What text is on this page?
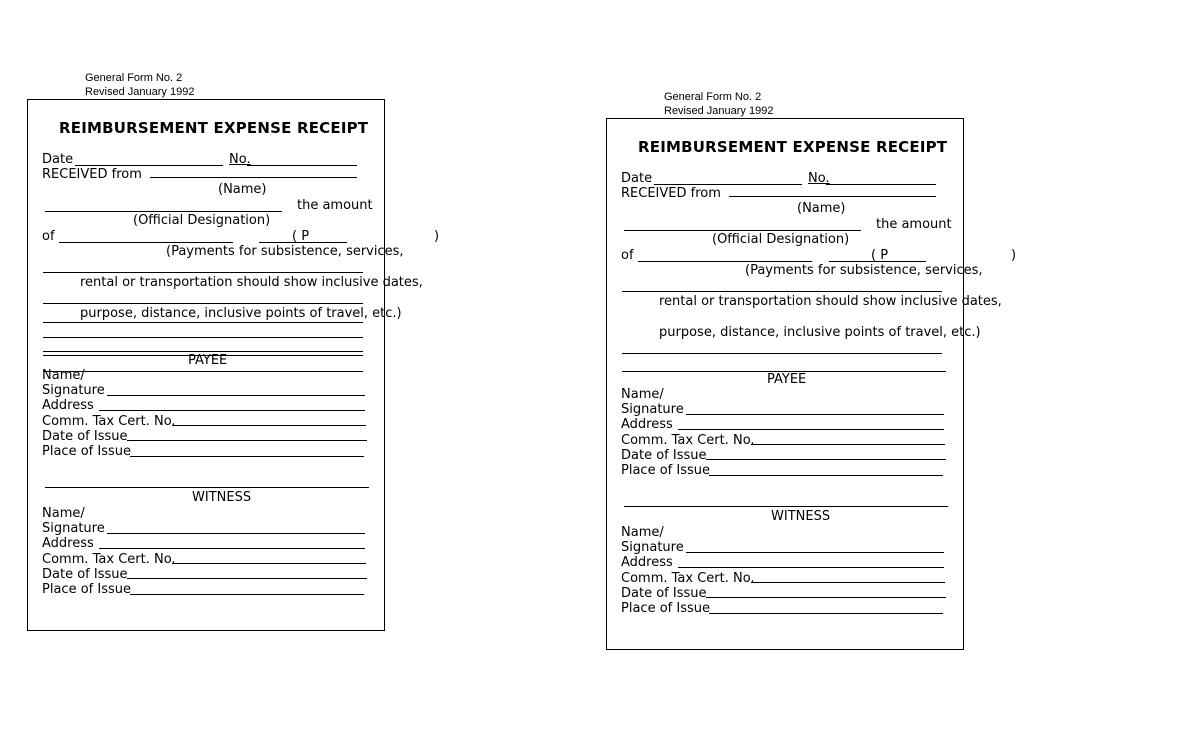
General Form No. 2
Revised January 1992
REIMBURSEMENT EXPENSE RECEIPT
Date	No.
RECEIVED from
(Name)
the amount
(Official Designation)
of	( P	)
(Payments for subsistence, services,
rental or transportation should show inclusive dates,
purpose, distance, inclusive points of travel, etc.)
PAYEE
Name/
Signature
Address
Comm. Tax Cert. No.
Date of Issue
Place of Issue
WITNESS
Name/
Signature
Address
Comm. Tax Cert. No.
Date of Issue
Place of Issue
General Form No. 2
Revised January 1992
REIMBURSEMENT EXPENSE RECEIPT
Date	No.
RECEIVED from
(Name)
the amount
(Official Designation)
of	( P	)
(Payments for subsistence, services,
rental or transportation should show inclusive dates,
purpose, distance, inclusive points of travel, etc.)
PAYEE
Name/
Signature
Address
Comm. Tax Cert. No.
Date of Issue
Place of Issue
WITNESS
Name/
Signature
Address
Comm. Tax Cert. No.
Date of Issue
Place of Issue
